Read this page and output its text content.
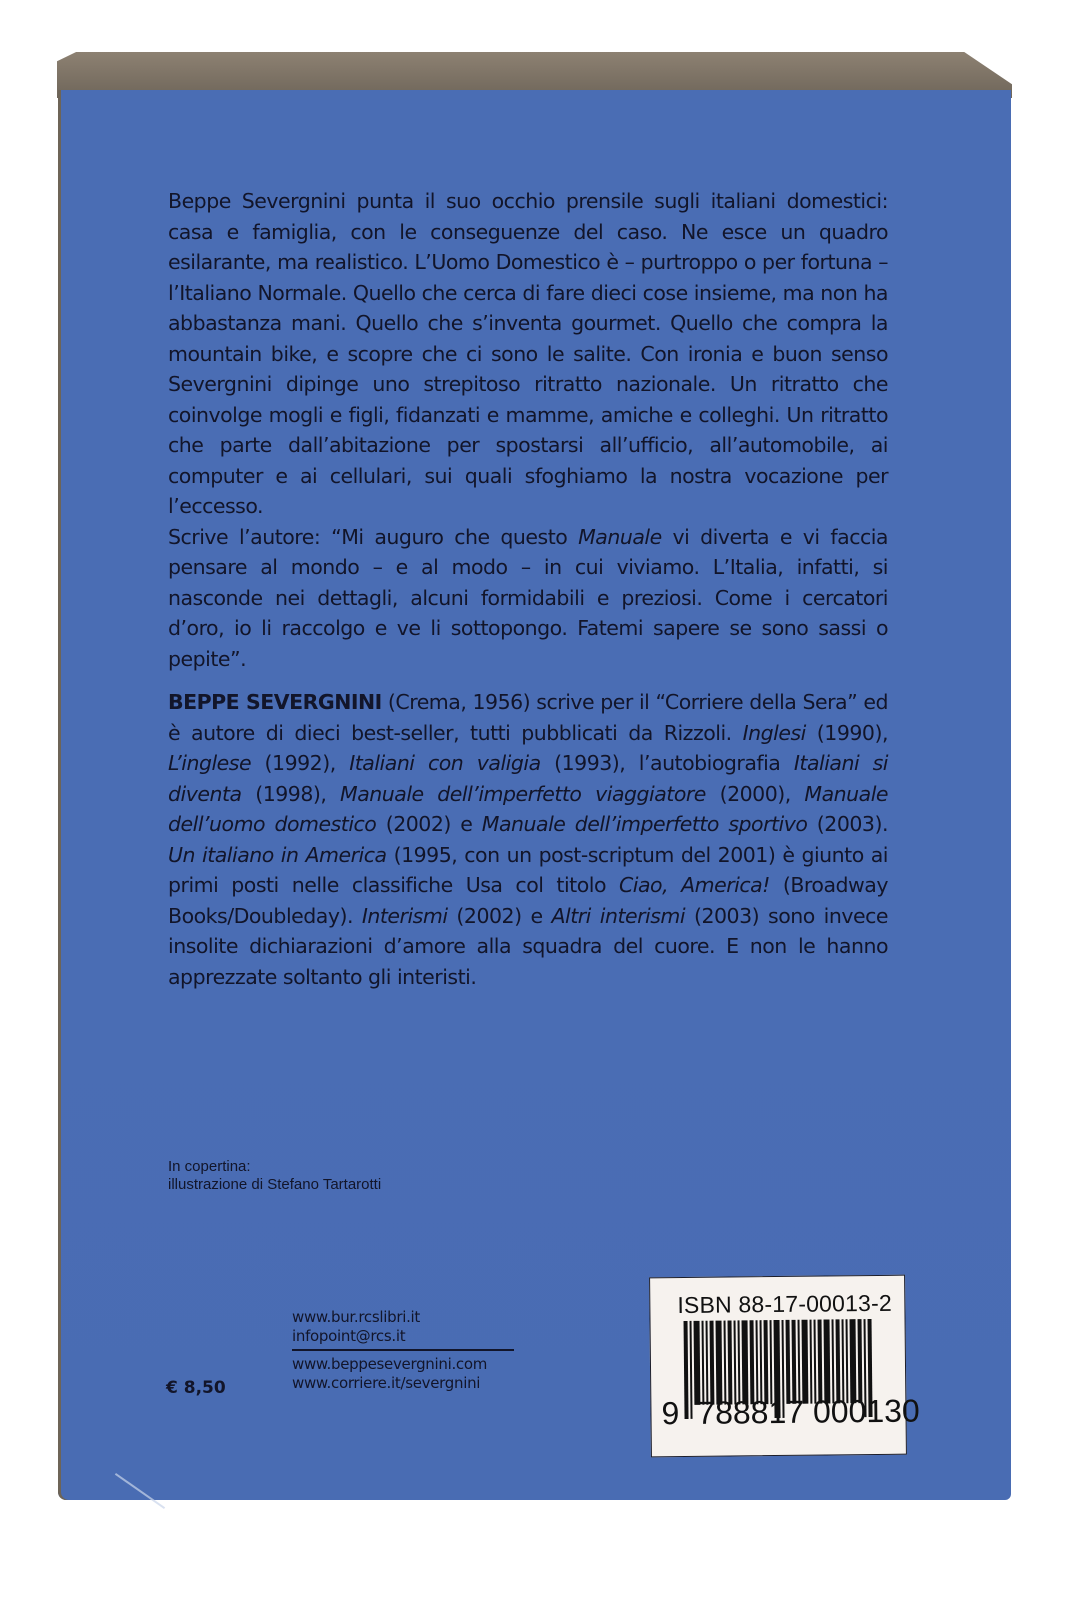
Beppe Severgnini punta il suo occhio prensile sugli italiani domestici: casa e famiglia, con le conseguenze del caso. Ne esce un quadro esilarante, ma realistico. L’Uomo Domestico è – purtroppo o per fortuna – l’Italiano Normale. Quello che cerca di fare dieci cose insieme, ma non ha abbastanza mani. Quello che s’inventa gourmet. Quello che compra la mountain bike, e scopre che ci sono le salite. Con ironia e buon senso Severgnini dipinge uno strepitoso ritratto nazionale. Un ritratto che coinvolge mogli e figli, fidanzati e mamme, amiche e colleghi. Un ritratto che parte dall’abitazione per spostarsi all’ufficio, all’automobile, ai computer e ai cellulari, sui quali sfoghiamo la nostra vocazione per l’eccesso.
Scrive l’autore: “Mi auguro che questo Manuale vi diverta e vi faccia pensare al mondo – e al modo – in cui viviamo. L’Italia, infatti, si nasconde nei dettagli, alcuni formidabili e preziosi. Come i cercatori d’oro, io li raccolgo e ve li sottopongo. Fatemi sapere se sono sassi o pepite”.
BEPPE SEVERGNINI (Crema, 1956) scrive per il “Corriere della Sera” ed è autore di dieci best-seller, tutti pubblicati da Rizzoli. Inglesi (1990), L’inglese (1992), Italiani con valigia (1993), l’autobiografia Italiani si diventa (1998), Manuale dell’imperfetto viaggiatore (2000), Manuale dell’uomo domestico (2002) e Manuale dell’imperfetto sportivo (2003). Un italiano in America (1995, con un post-scriptum del 2001) è giunto ai primi posti nelle classifiche Usa col titolo Ciao, America! (Broadway Books/Doubleday). Interismi (2002) e Altri interismi (2003) sono invece insolite dichiarazioni d’amore alla squadra del cuore. E non le hanno apprezzate soltanto gli interisti.
In copertina:
illustrazione di Stefano Tartarotti
www.bur.rcslibri.it
infopoint@rcs.it
www.beppesevergnini.com
www.corriere.it/severgnini
€ 8,50
ISBN 88-17-00013-2
9 788817 000130
